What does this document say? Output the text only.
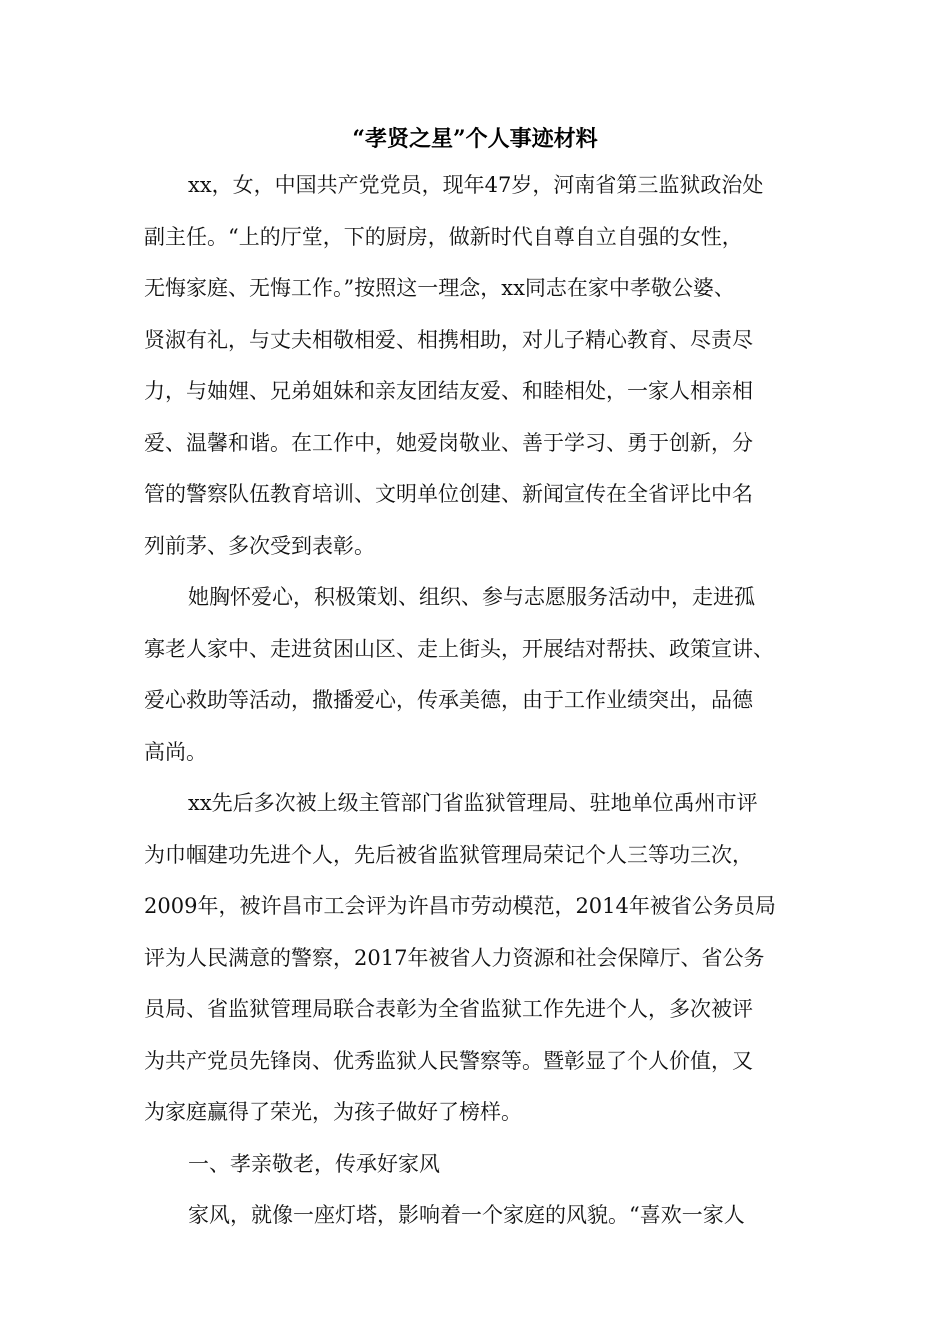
“孝贤之星”个人事迹材料

xx，女，中国共产党党员，现年47岁，河南省第三监狱政治处
副主任。“上的厅堂，下的厨房，做新时代自尊自立自强的女性，
无悔家庭、无悔工作。”按照这一理念，xx同志在家中孝敬公婆、
贤淑有礼，与丈夫相敬相爱、相携相助，对儿子精心教育、尽责尽
力，与妯娌、兄弟姐妹和亲友团结友爱、和睦相处，一家人相亲相
爱、温馨和谐。在工作中，她爱岗敬业、善于学习、勇于创新，分
管的警察队伍教育培训、文明单位创建、新闻宣传在全省评比中名
列前茅、多次受到表彰。

她胸怀爱心，积极策划、组织、参与志愿服务活动中，走进孤
寡老人家中、走进贫困山区、走上街头，开展结对帮扶、政策宣讲、
爱心救助等活动，撒播爱心，传承美德，由于工作业绩突出，品德
高尚。

xx先后多次被上级主管部门省监狱管理局、驻地单位禹州市评
为巾帼建功先进个人，先后被省监狱管理局荣记个人三等功三次，
2009年，被许昌市工会评为许昌市劳动模范，2014年被省公务员局
评为人民满意的警察，2017年被省人力资源和社会保障厅、省公务
员局、省监狱管理局联合表彰为全省监狱工作先进个人，多次被评
为共产党员先锋岗、优秀监狱人民警察等。暨彰显了个人价值，又
为家庭赢得了荣光，为孩子做好了榜样。

一、孝亲敬老，传承好家风

家风，就像一座灯塔，影响着一个家庭的风貌。“喜欢一家人
